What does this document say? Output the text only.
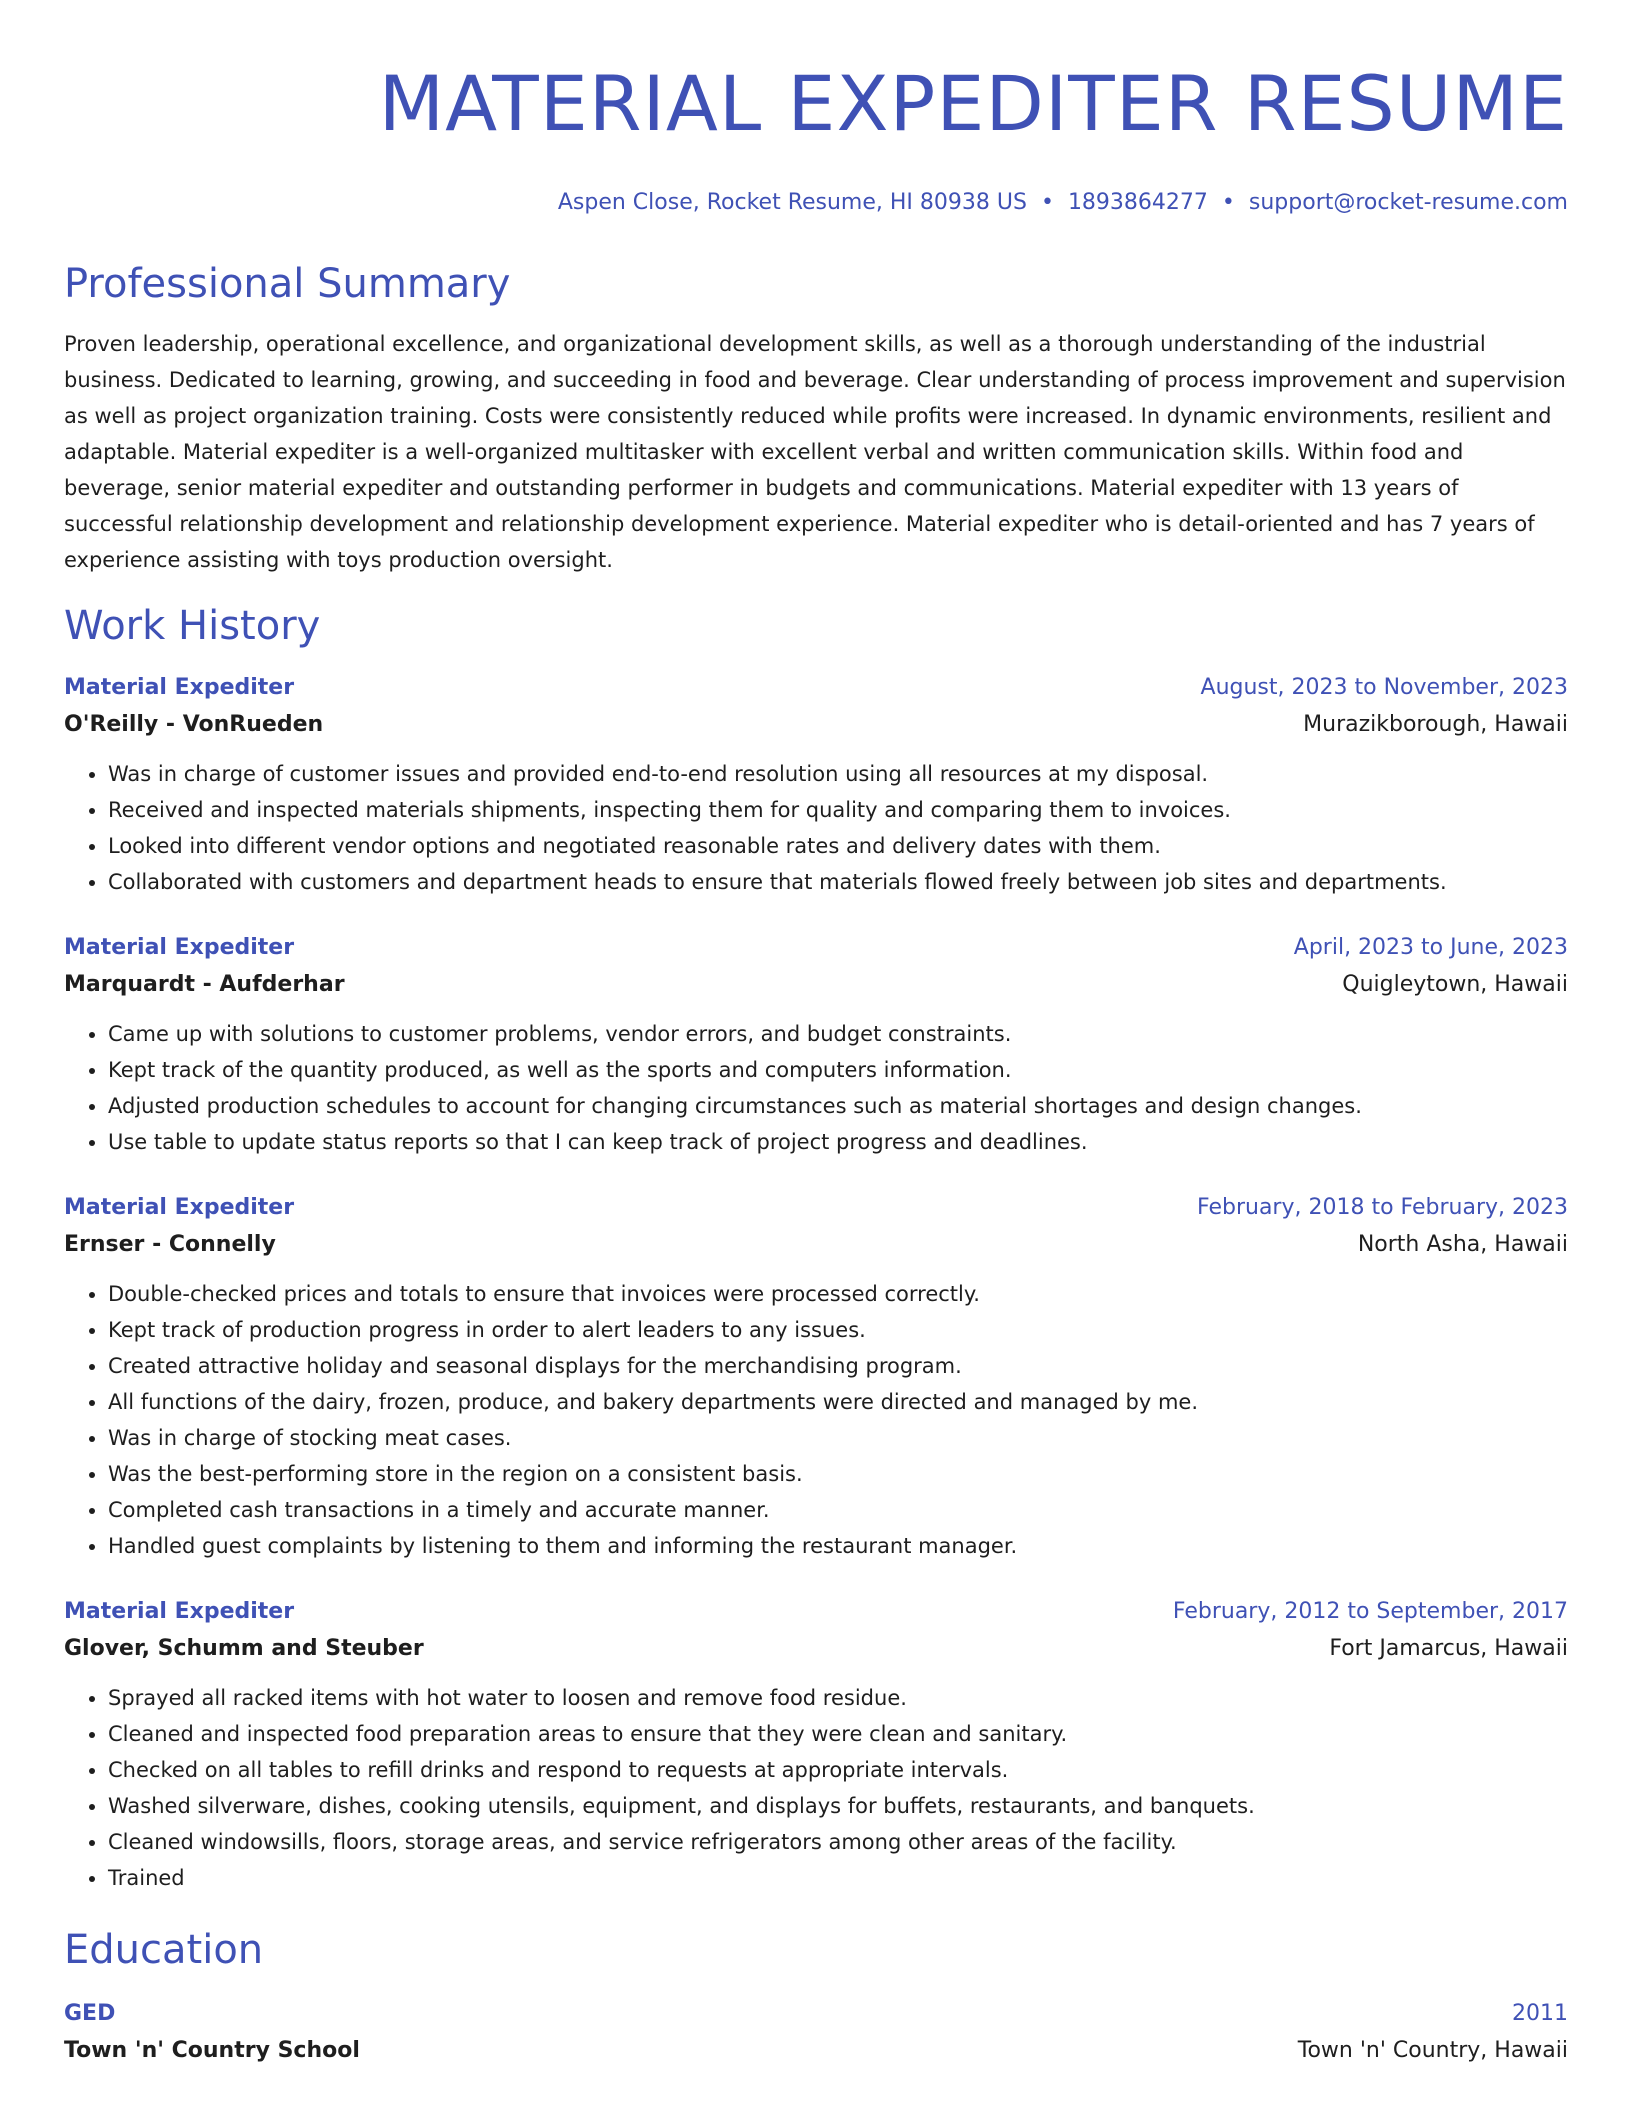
MATERIAL EXPEDITER RESUME
Aspen Close, Rocket Resume, HI 80938 US • 1893864277 • support@rocket-resume.com
Professional Summary
Proven leadership, operational excellence, and organizational development skills, as well as a thorough understanding of the industrial business. Dedicated to learning, growing, and succeeding in food and beverage. Clear understanding of process improvement and supervision as well as project organization training. Costs were consistently reduced while profits were increased. In dynamic environments, resilient and adaptable. Material expediter is a well-organized multitasker with excellent verbal and written communication skills. Within food and beverage, senior material expediter and outstanding performer in budgets and communications. Material expediter with 13 years of successful relationship development and relationship development experience. Material expediter who is detail-oriented and has 7 years of experience assisting with toys production oversight.
Work History
Material Expediter	August, 2023 to November, 2023
O'Reilly - VonRueden	Murazikborough, Hawaii
• Was in charge of customer issues and provided end-to-end resolution using all resources at my disposal.
• Received and inspected materials shipments, inspecting them for quality and comparing them to invoices.
• Looked into different vendor options and negotiated reasonable rates and delivery dates with them.
• Collaborated with customers and department heads to ensure that materials flowed freely between job sites and departments.
Material Expediter	April, 2023 to June, 2023
Marquardt - Aufderhar	Quigleytown, Hawaii
• Came up with solutions to customer problems, vendor errors, and budget constraints.
• Kept track of the quantity produced, as well as the sports and computers information.
• Adjusted production schedules to account for changing circumstances such as material shortages and design changes.
• Use table to update status reports so that I can keep track of project progress and deadlines.
Material Expediter	February, 2018 to February, 2023
Ernser - Connelly	North Asha, Hawaii
• Double-checked prices and totals to ensure that invoices were processed correctly.
• Kept track of production progress in order to alert leaders to any issues.
• Created attractive holiday and seasonal displays for the merchandising program.
• All functions of the dairy, frozen, produce, and bakery departments were directed and managed by me.
• Was in charge of stocking meat cases.
• Was the best-performing store in the region on a consistent basis.
• Completed cash transactions in a timely and accurate manner.
• Handled guest complaints by listening to them and informing the restaurant manager.
Material Expediter	February, 2012 to September, 2017
Glover, Schumm and Steuber	Fort Jamarcus, Hawaii
• Sprayed all racked items with hot water to loosen and remove food residue.
• Cleaned and inspected food preparation areas to ensure that they were clean and sanitary.
• Checked on all tables to refill drinks and respond to requests at appropriate intervals.
• Washed silverware, dishes, cooking utensils, equipment, and displays for buffets, restaurants, and banquets.
• Cleaned windowsills, floors, storage areas, and service refrigerators among other areas of the facility.
• Trained
Education
GED	2011
Town 'n' Country School	Town 'n' Country, Hawaii
